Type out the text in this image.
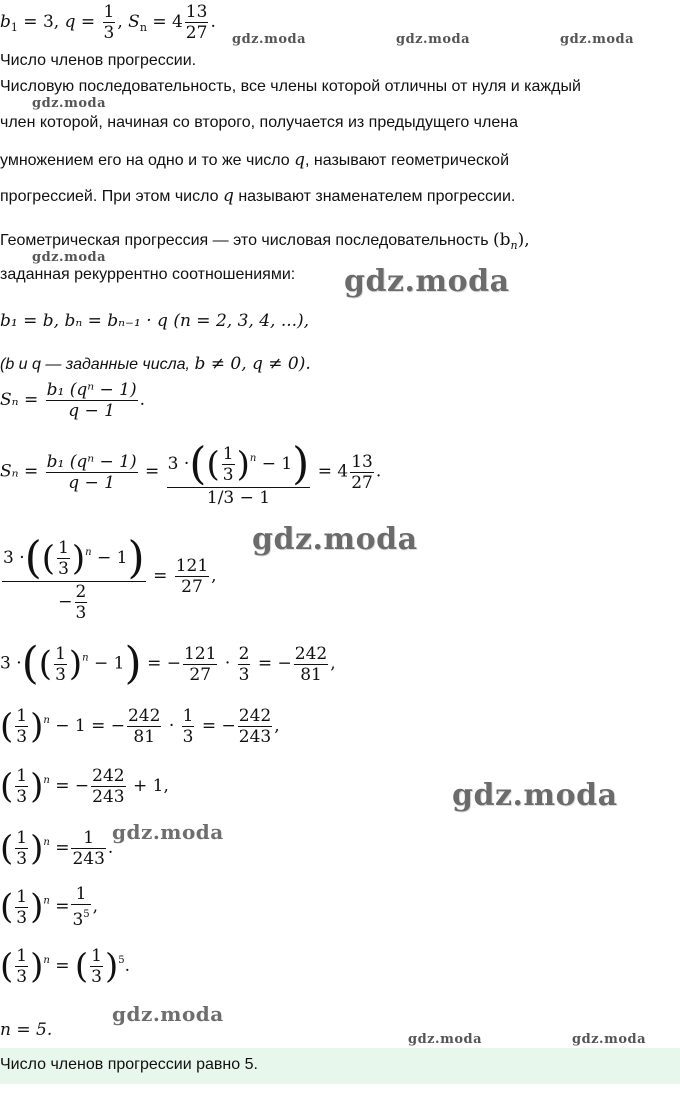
$b_1 = 3$, $q = \frac{1}{3}$ , $S_n = 4 \frac{13}{27}$ .
Число членов прогрессии.
Числовую последовательность, все члены которой отличны от нуля и каждый
член которой, начиная со второго, получается из предыдущего члена
умножением его на одно и то же число q, называют геометрической
прогрессией. При этом число q называют знаменателем прогрессии.
Геометрическая прогрессия — это числовая последовательность $(b_n)$,
заданная рекуррентно соотношениями:
b₁ = b, bₙ = bₙ₋₁ · q (n = 2, 3, 4, ...),
(b и q — заданные числа, b ≠ 0, q ≠ 0).
$S_n = \frac{\text{b₁ (qⁿ − 1)}}{q - 1}$ .
$S_n = \frac{\text{b₁ (qⁿ − 1)}}{q - 1} = \frac{3 \cdot(( \frac{1}{3} )^n - 1)}{1/3 - 1} = 4 \frac{13}{27}$ .
$\frac{3 \cdot(( \frac{1}{3} )^n - 1)}{- \frac{2}{3}} = \frac{121}{27}$ ,
3 ·(( $\frac{1}{3} )^n - 1$) = − $\frac{121}{27} \cdot \frac{2}{3}$ = − $\frac{242}{81}$ ,
( $\frac{1}{3} )^n - 1$ = − $\frac{242}{81} \cdot \frac{1}{3}$ = − $\frac{242}{243}$ ,
( $\frac{1}{3} )^n$ = − $\frac{242}{243} + 1$,
( $\frac{1}{3} )^n = \frac{1}{243}$ .
( $\frac{1}{3} )^n = \frac{1}{3^5}$ ,
( $\frac{1}{3} )^n$ = ( $\frac{1}{3} )^5$.
n = 5.
Число членов прогрессии равно 5.
gdz.moda	gdz.moda	gdz.moda
gdz.moda
gdz.moda
gdz.moda
gdz.moda
gdz.moda
gdz.moda
gdz.moda
gdz.moda	gdz.moda
